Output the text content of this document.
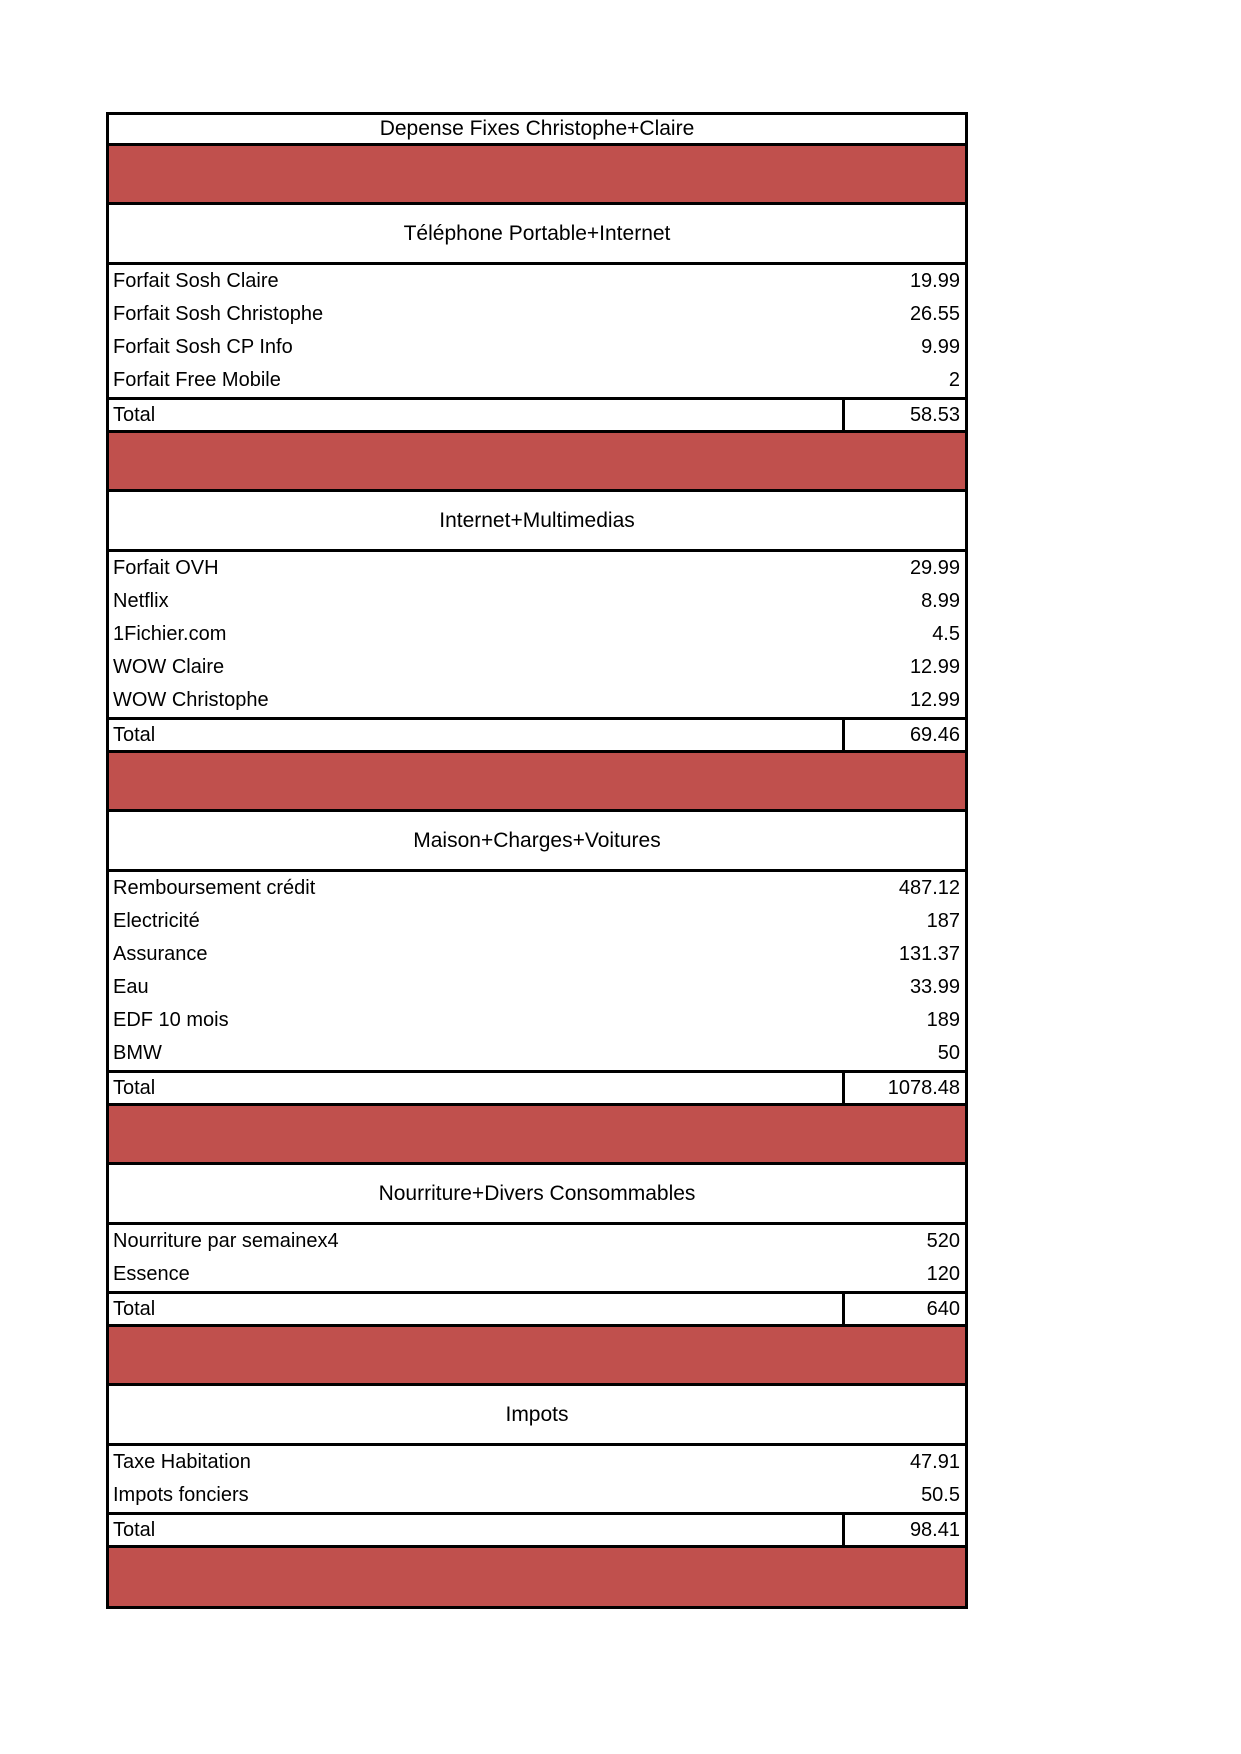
Depense Fixes Christophe+Claire
Téléphone Portable+Internet
Forfait Sosh Claire	19.99
Forfait Sosh Christophe	26.55
Forfait Sosh CP Info	9.99
Forfait Free Mobile	2
Total	58.53
Internet+Multimedias
Forfait OVH	29.99
Netflix	8.99
1Fichier.com	4.5
WOW Claire	12.99
WOW Christophe	12.99
Total	69.46
Maison+Charges+Voitures
Remboursement crédit	487.12
Electricité	187
Assurance	131.37
Eau	33.99
EDF 10 mois	189
BMW	50
Total	1078.48
Nourriture+Divers Consommables
Nourriture par semainex4	520
Essence	120
Total	640
Impots
Taxe Habitation	47.91
Impots fonciers	50.5
Total	98.41
